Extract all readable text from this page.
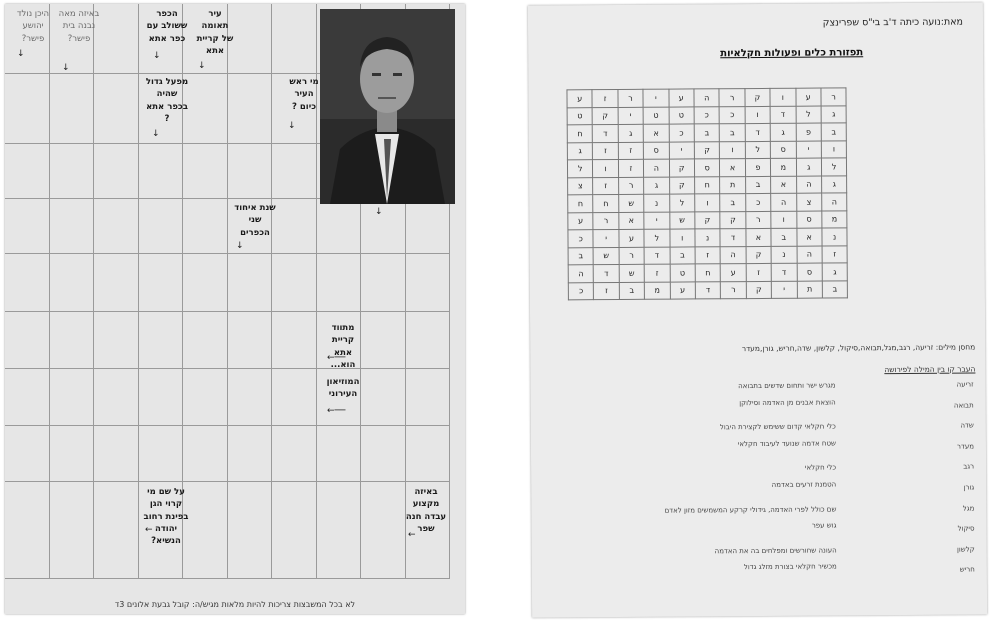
היכן נולד יהושע פישר?
באיזה מאה נבנה בית פישר?
הכפר ששולב עם כפר אתא
עיר תאומה של קריית אתא
מי ראש העיר כיום ?
מפעל גדול שהיה בכפר אתא ?
שנת איחוד שני הכפרים
מתווד קריית אתא הוא...
המוזיאון העירוני
על שם מי קרוי הגן בפינת רחוב יהודה הנשיא?
באיזה מקצוע עבדה חנה שפר
↓
↓
↓
↓
↓
↓
↓
↓
←──
←──
←	←
לא בכל המשבצות צריכות להיות מלאות מגיש/ה: קובל גבעת אלונים 3ד
מאת:נועה כיתה ד'ב בי"ס שפרינצק
תפזורת כלים ופעולות חקלאיות
ע	ז	ר	י	ע	ה	ר	ק	ו	ע	ר
ט	ק	י	ט	ט	כ	כ	ו	ד	ל	ג
ח	ד	ג	א	כ	ב	ב	ד	ג	פ	ב
ג	ז	ז	ס	י	ק	ו	ל	ס	י	ו
ל	ו	ז	ה	ק	ס	א	פ	מ	ג	ל
צ	ז	ר	ג	ק	ח	ת	ב	א	ה	ג
ח	ח	ש	נ	ל	ו	ב	כ	ה	צ	ה
ע	ר	א	י	ש	ק	ק	ר	ו	ס	מ
כ	י	ע	ל	ו	נ	ד	א	ב	א	נ
ב	ש	ר	ד	ב	ז	ה	ק	נ	ה	ז
ה	ד	ש	ז	ט	ח	ע	ז	ד	ס	ג
כ	ז	ב	מ	ע	ד	ר	ק	י	ת	ב
מחסן מילים: זריעה, רגב,מגל,תבואה,סיקול, קלשון, שדה,חריש, גורן,מעדר
העבר קו בין המילה לפירושה
זריעה
מגרש ישר ותחום שדשים בתבואה
תבואה
הוצאת אבנים מן האדמה וסילוקן
שדה
כלי חקלאי קדום ששימש לקצירת היבול
מעדר
שטח אדמה שנועד לעיבוד חקלאי
רגב
כלי חקלאי
גורן
הטמנת זרעים באדמה
מגל
שם כולל לפרי האדמה, גידולי קרקע המשמשים מזון לאדם
סיקול
גוש עפר
קלשון
העונה שחורשים ומפלחים בה את האדמה
חריש
מכשיר חקלאי בצורת מזלג גדול
